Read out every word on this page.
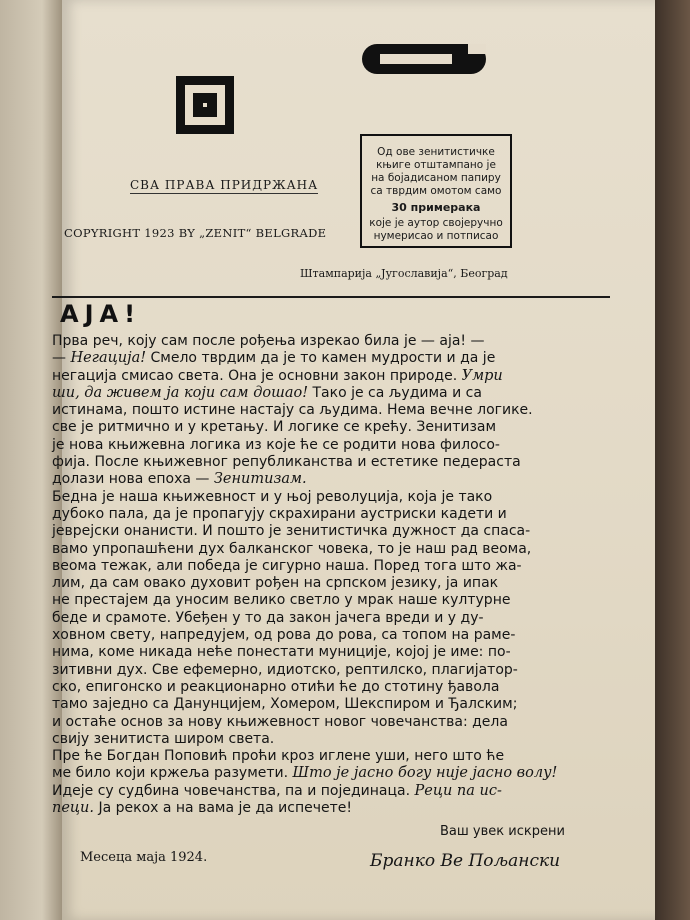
СВА ПРАВА ПРИДРЖАНА
COPYRIGHT 1923 BY „ZENIT“ BELGRADE
Од ове зенитистичке
књиге отштампано је
на бојадисаном папиру
са тврдим омотом само
30 примерака
које је аутор својеручно
нумерисао и потписао
Штампарија „Југославија“, Београд
АЈА!
Прва реч, коју сам после рођења изрекао била је — аја! —
— Негација! Смело тврдим да је то камен мудрости и да је
негација смисао света. Она је основни закон природе. Умри
ши, да живем ја који сам дошао! Тако је са људима и са
истинама, пошто истине настају са људима. Нема вечне логике.
све је ритмично и у кретању. И логике се крећу. Зенитизам
је нова књижевна логика из које ће се родити нова филосо-
фија. После књижевног републиканства и естетике педераста
долази нова епоха — Зенитизам.
Бедна је наша књижевност и у њој револуција, која је тако
дубоко пала, да је пропагују скрахирани аустриски кадети и
јеврејски онанисти. И пошто је зенитистичка дужност да спаса-
вамо упропашћени дух балканског човека, то је наш рад веома,
веома тежак, али победа је сигурно наша. Поред тога што жа-
лим, да сам овако духовит рођен на српском језику, ја ипак
не престајем да уносим велико светло у мрак наше културне
беде и срамоте. Убеђен у то да закон јачега вреди и у ду-
ховном свету, напредујем, од рова до рова, са топом на раме-
нима, коме никада неће понестати муниције, којој је име: по-
зитивни дух. Све ефемерно, идиотско, рептилско, плагијатор-
ско, епигонско и реакционарно отићи ће до стотину ђавола
тамо заједно са Данунцијем, Хомером, Шекспиром и Ђалским;
и остаће основ за нову књижевност новог човечанства: дела
свију зенитиста широм света.
Пре ће Богдан Поповић проћи кроз иглене уши, него што ће
ме било који кржеља разумети. Што је јасно богу није јасно волу!
Идеје су судбина човечанства, па и појединаца. Реци па ис-
пеци. Ја рекох а на вама је да испечете!
Ваш увек искрени
Месеца маја 1924.	Бранко Ве Пољански
